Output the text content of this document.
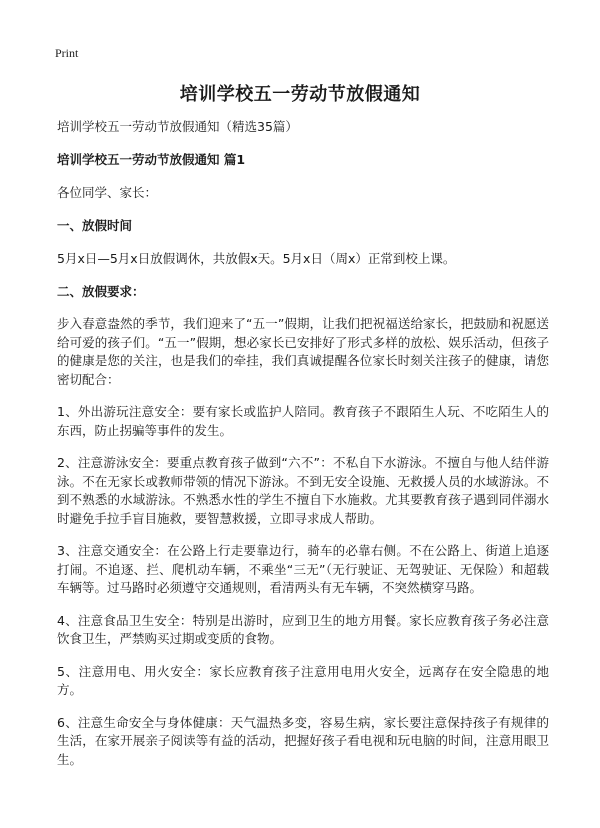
Print
培训学校五一劳动节放假通知
培训学校五一劳动节放假通知（精选35篇）
培训学校五一劳动节放假通知 篇1
各位同学、家长：
一、放假时间
5月x日—5月x日放假调休，共放假x天。5月x日（周x）正常到校上课。
二、放假要求：
步入春意盎然的季节，我们迎来了“五一”假期，让我们把祝福送给家长，把鼓励和祝愿送给可爱的孩子们。“五一”假期，想必家长已安排好了形式多样的放松、娱乐活动，但孩子的健康是您的关注，也是我们的牵挂，我们真诚提醒各位家长时刻关注孩子的健康，请您密切配合：
1、外出游玩注意安全：要有家长或监护人陪同。教育孩子不跟陌生人玩、不吃陌生人的东西，防止拐骗等事件的发生。
2、注意游泳安全：要重点教育孩子做到“六不”：不私自下水游泳。不擅自与他人结伴游泳。不在无家长或教师带领的情况下游泳。不到无安全设施、无救援人员的水域游泳。不到不熟悉的水域游泳。不熟悉水性的学生不擅自下水施救。尤其要教育孩子遇到同伴溺水时避免手拉手盲目施救，要智慧救援，立即寻求成人帮助。
3、注意交通安全：在公路上行走要靠边行，骑车的必靠右侧。不在公路上、街道上追逐打闹。不追逐、拦、爬机动车辆，不乘坐“三无”（无行驶证、无驾驶证、无保险）和超载车辆等。过马路时必须遵守交通规则，看清两头有无车辆，不突然横穿马路。
4、注意食品卫生安全：特别是出游时，应到卫生的地方用餐。家长应教育孩子务必注意饮食卫生，严禁购买过期或变质的食物。
5、注意用电、用火安全：家长应教育孩子注意用电用火安全，远离存在安全隐患的地方。
6、注意生命安全与身体健康：天气温热多变，容易生病，家长要注意保持孩子有规律的生活，在家开展亲子阅读等有益的活动，把握好孩子看电视和玩电脑的时间，注意用眼卫生。
